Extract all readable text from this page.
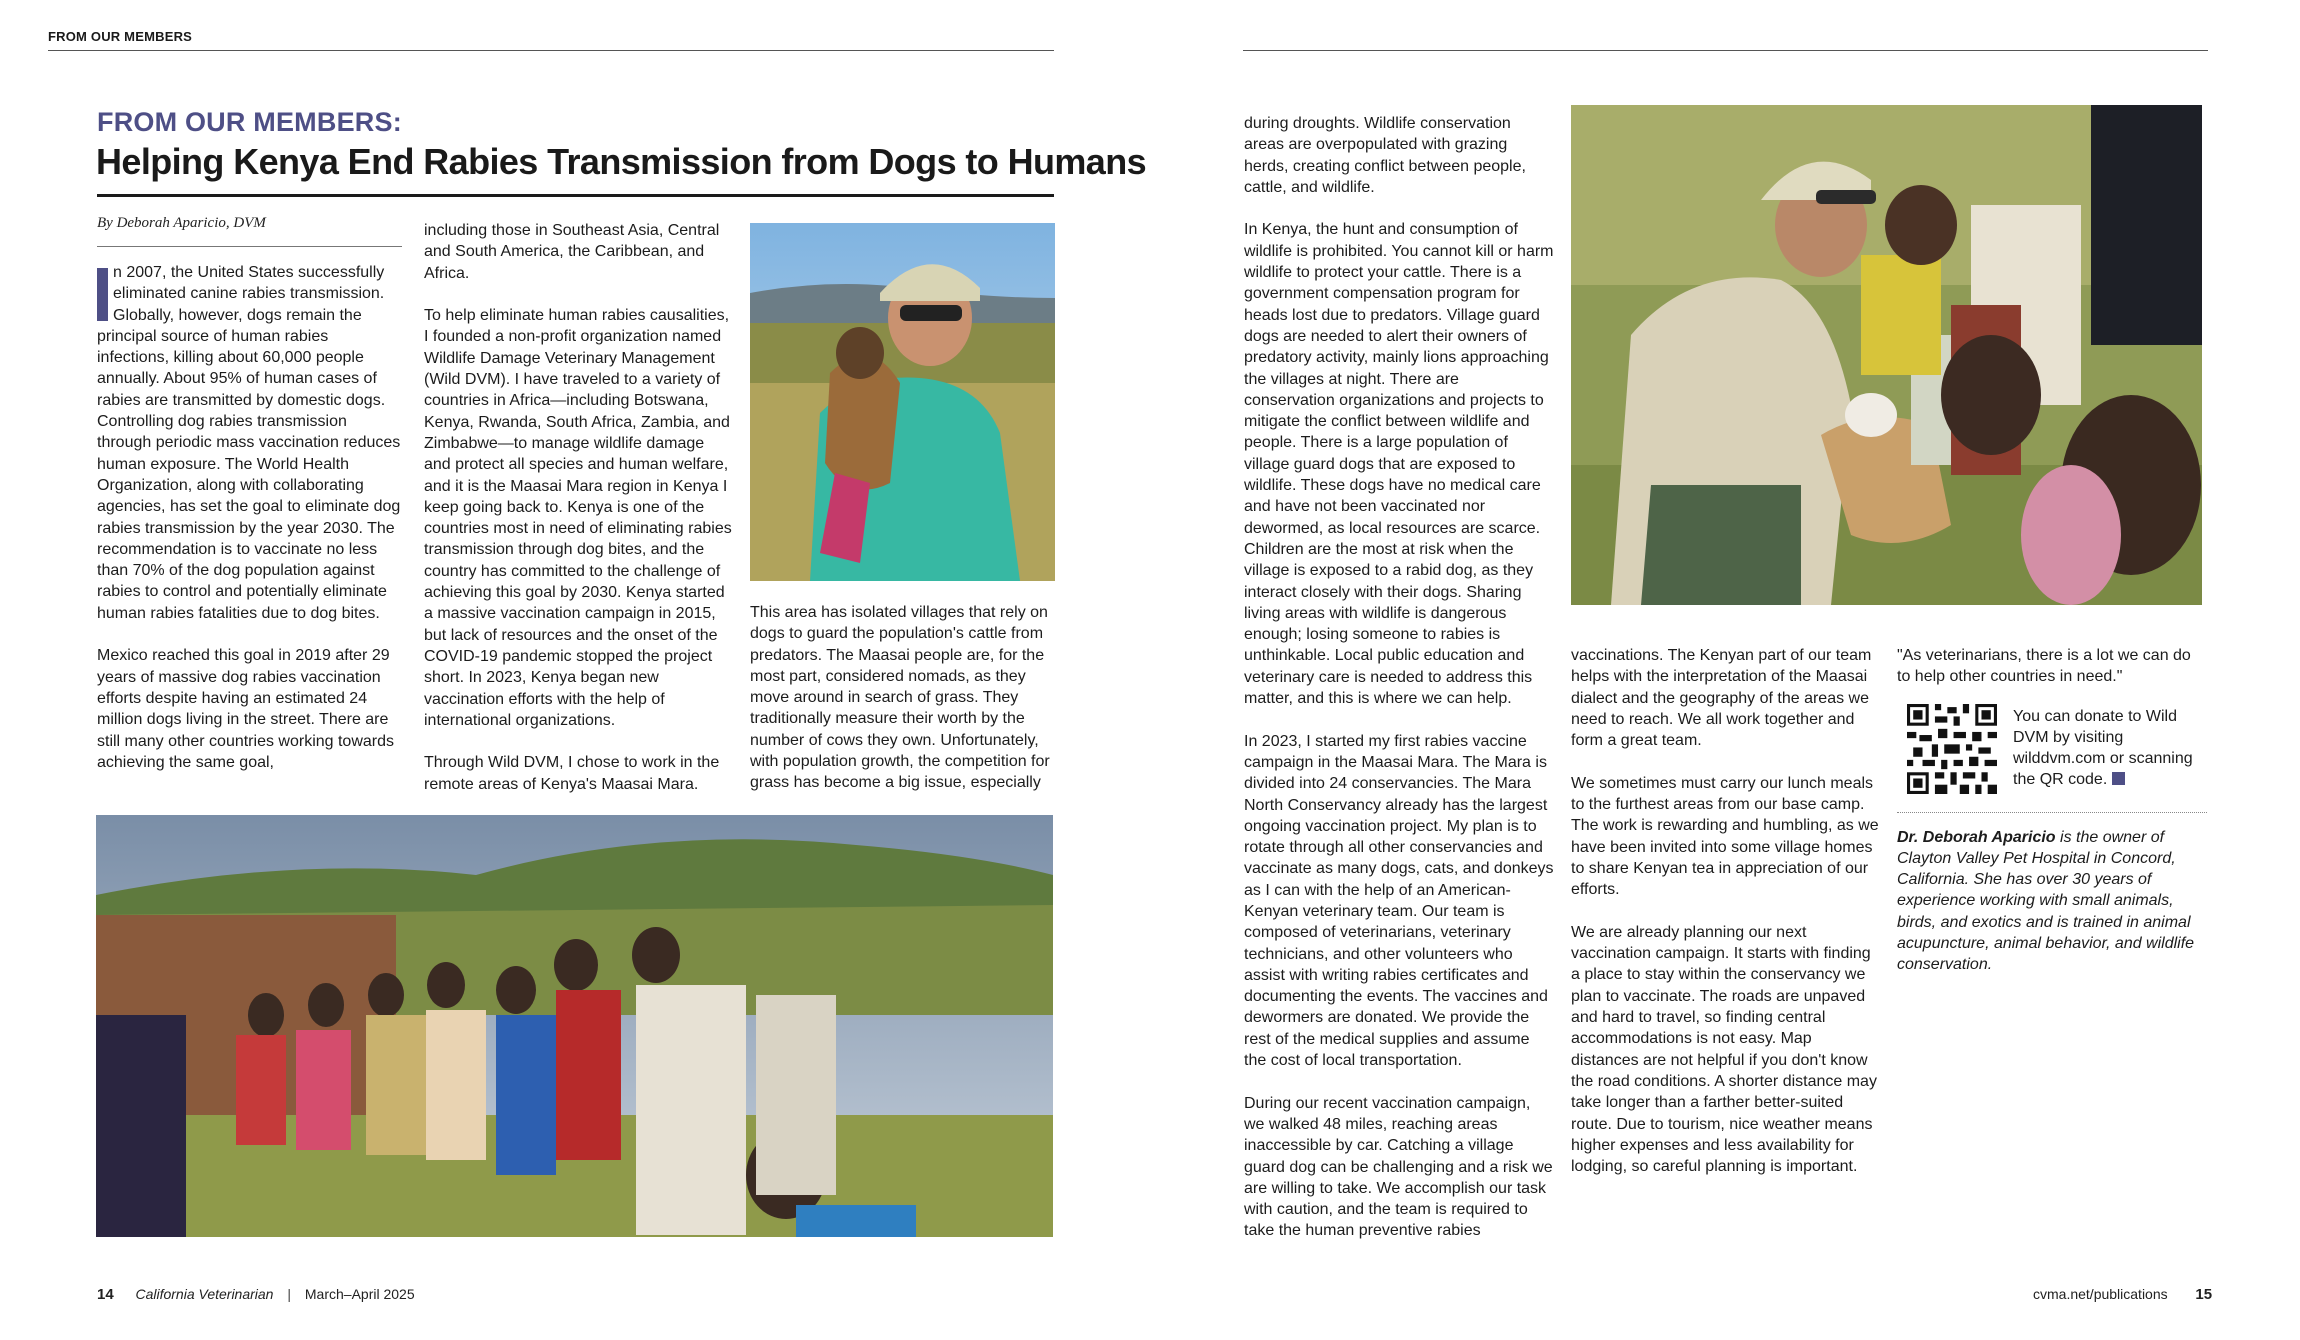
FROM OUR MEMBERS
FROM OUR MEMBERS:
Helping Kenya End Rabies Transmission from Dogs to Humans
By Deborah Aparicio, DVM

n 2007, the United States successfully eliminated canine rabies transmission. Globally, however, dogs remain the principal source of human rabies infections, killing about 60,000 people annually. About 95% of human cases of rabies are transmitted by domestic dogs. Controlling dog rabies transmission through periodic mass vaccination reduces human exposure. The World Health Organization, along with collaborating agencies, has set the goal to eliminate dog rabies transmission by the year 2030. The recommendation is to vaccinate no less than 70% of the dog population against rabies to control and potentially eliminate human rabies fatalities due to dog bites.

Mexico reached this goal in 2019 after 29 years of massive dog rabies vaccination efforts despite having an estimated 24 million dogs living in the street. There are still many other countries working towards achieving the same goal,

including those in Southeast Asia, Central and South America, the Caribbean, and Africa.

To help eliminate human rabies causalities, I founded a non-profit organization named Wildlife Damage Veterinary Management (Wild DVM). I have traveled to a variety of countries in Africa—including Botswana, Kenya, Rwanda, South Africa, Zambia, and Zimbabwe—to manage wildlife damage and protect all species and human welfare, and it is the Maasai Mara region in Kenya I keep going back to. Kenya is one of the countries most in need of eliminating rabies transmission through dog bites, and the country has committed to the challenge of achieving this goal by 2030. Kenya started a massive vaccination campaign in 2015, but lack of resources and the onset of the COVID-19 pandemic stopped the project short. In 2023, Kenya began new vaccination efforts with the help of international organizations.

Through Wild DVM, I chose to work in the remote areas of Kenya's Maasai Mara.

This area has isolated villages that rely on dogs to guard the population's cattle from predators. The Maasai people are, for the most part, considered nomads, as they move around in search of grass. They traditionally measure their worth by the number of cows they own. Unfortunately, with population growth, the competition for grass has become a big issue, especially

14 California Veterinarian | March–April 2025

during droughts. Wildlife conservation areas are overpopulated with grazing herds, creating conflict between people, cattle, and wildlife.

In Kenya, the hunt and consumption of wildlife is prohibited. You cannot kill or harm wildlife to protect your cattle. There is a government compensation program for heads lost due to predators. Village guard dogs are needed to alert their owners of predatory activity, mainly lions approaching the villages at night. There are conservation organizations and projects to mitigate the conflict between wildlife and people. There is a large population of village guard dogs that are exposed to wildlife. These dogs have no medical care and have not been vaccinated nor dewormed, as local resources are scarce. Children are the most at risk when the village is exposed to a rabid dog, as they interact closely with their dogs. Sharing living areas with wildlife is dangerous enough; losing someone to rabies is unthinkable. Local public education and veterinary care is needed to address this matter, and this is where we can help.

In 2023, I started my first rabies vaccine campaign in the Maasai Mara. The Mara is divided into 24 conservancies. The Mara North Conservancy already has the largest ongoing vaccination project. My plan is to rotate through all other conservancies and vaccinate as many dogs, cats, and donkeys as I can with the help of an American-Kenyan veterinary team. Our team is composed of veterinarians, veterinary technicians, and other volunteers who assist with writing rabies certificates and documenting the events. The vaccines and dewormers are donated. We provide the rest of the medical supplies and assume the cost of local transportation.

During our recent vaccination campaign, we walked 48 miles, reaching areas inaccessible by car. Catching a village guard dog can be challenging and a risk we are willing to take. We accomplish our task with caution, and the team is required to take the human preventive rabies

vaccinations. The Kenyan part of our team helps with the interpretation of the Maasai dialect and the geography of the areas we need to reach. We all work together and form a great team.

We sometimes must carry our lunch meals to the furthest areas from our base camp. The work is rewarding and humbling, as we have been invited into some village homes to share Kenyan tea in appreciation of our efforts.

We are already planning our next vaccination campaign. It starts with finding a place to stay within the conservancy we plan to vaccinate. The roads are unpaved and hard to travel, so finding central accommodations is not easy. Map distances are not helpful if you don't know the road conditions. A shorter distance may take longer than a farther better-suited route. Due to tourism, nice weather means higher expenses and less availability for lodging, so careful planning is important.

"As veterinarians, there is a lot we can do to help other countries in need."

You can donate to Wild DVM by visiting wilddvm.com or scanning the QR code.

Dr. Deborah Aparicio is the owner of Clayton Valley Pet Hospital in Concord, California. She has over 30 years of experience working with small animals, birds, and exotics and is trained in animal acupuncture, animal behavior, and wildlife conservation.

cvma.net/publications 15
